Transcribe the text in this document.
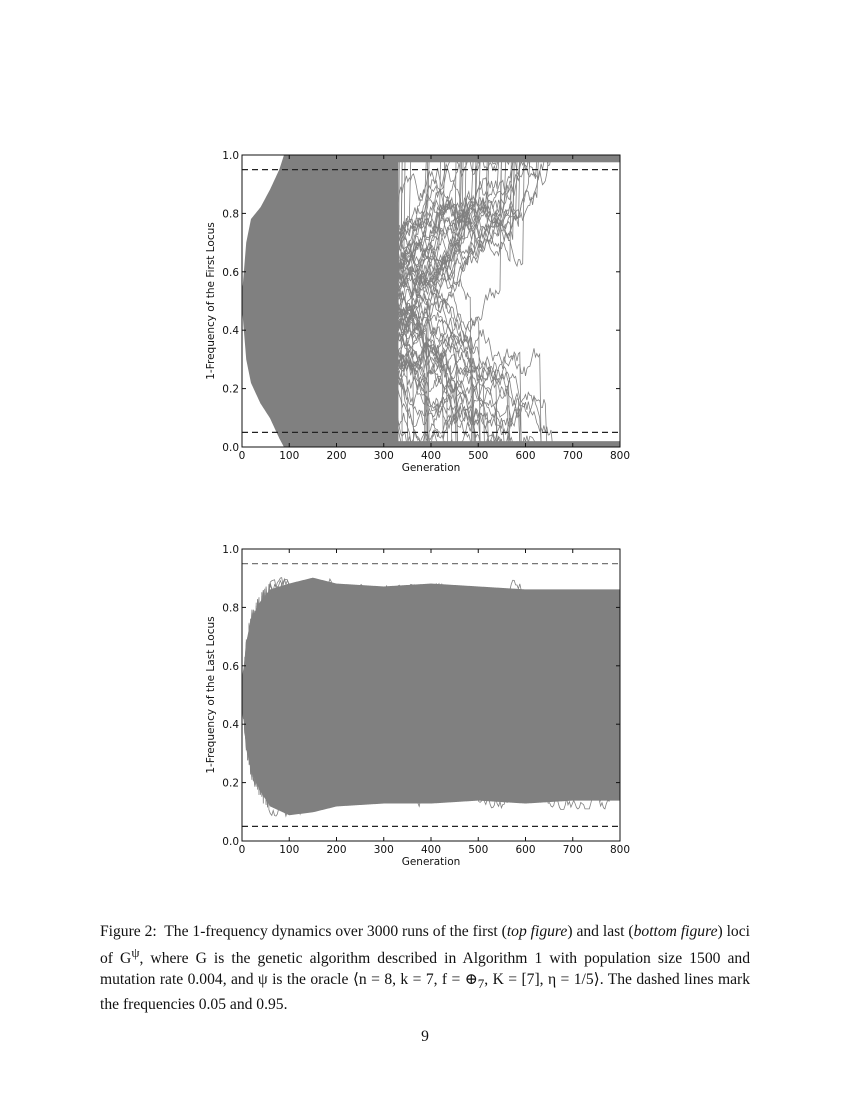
0	100	200	300	400	500	600	700	800
0.0
0.2
0.4
0.6
0.8
1.0
Generation
1-Frequency of the First Locus
0	100	200	300	400	500	600	700	800
0.0
0.2
0.4
0.6
0.8
1.0
Generation
1-Frequency of the Last Locus
Figure 2: The 1-frequency dynamics over 3000 runs of the first (top figure) and last (bottom figure) loci of $G^\psi$, where G is the genetic algorithm described in Algorithm 1 with population size 1500 and mutation rate 0.004, and ψ is the oracle ⟨n = 8, k = 7, $f = \oplus_7$, K = [7], η = 1/5⟩. The dashed lines mark the frequencies 0.05 and 0.95.
9
